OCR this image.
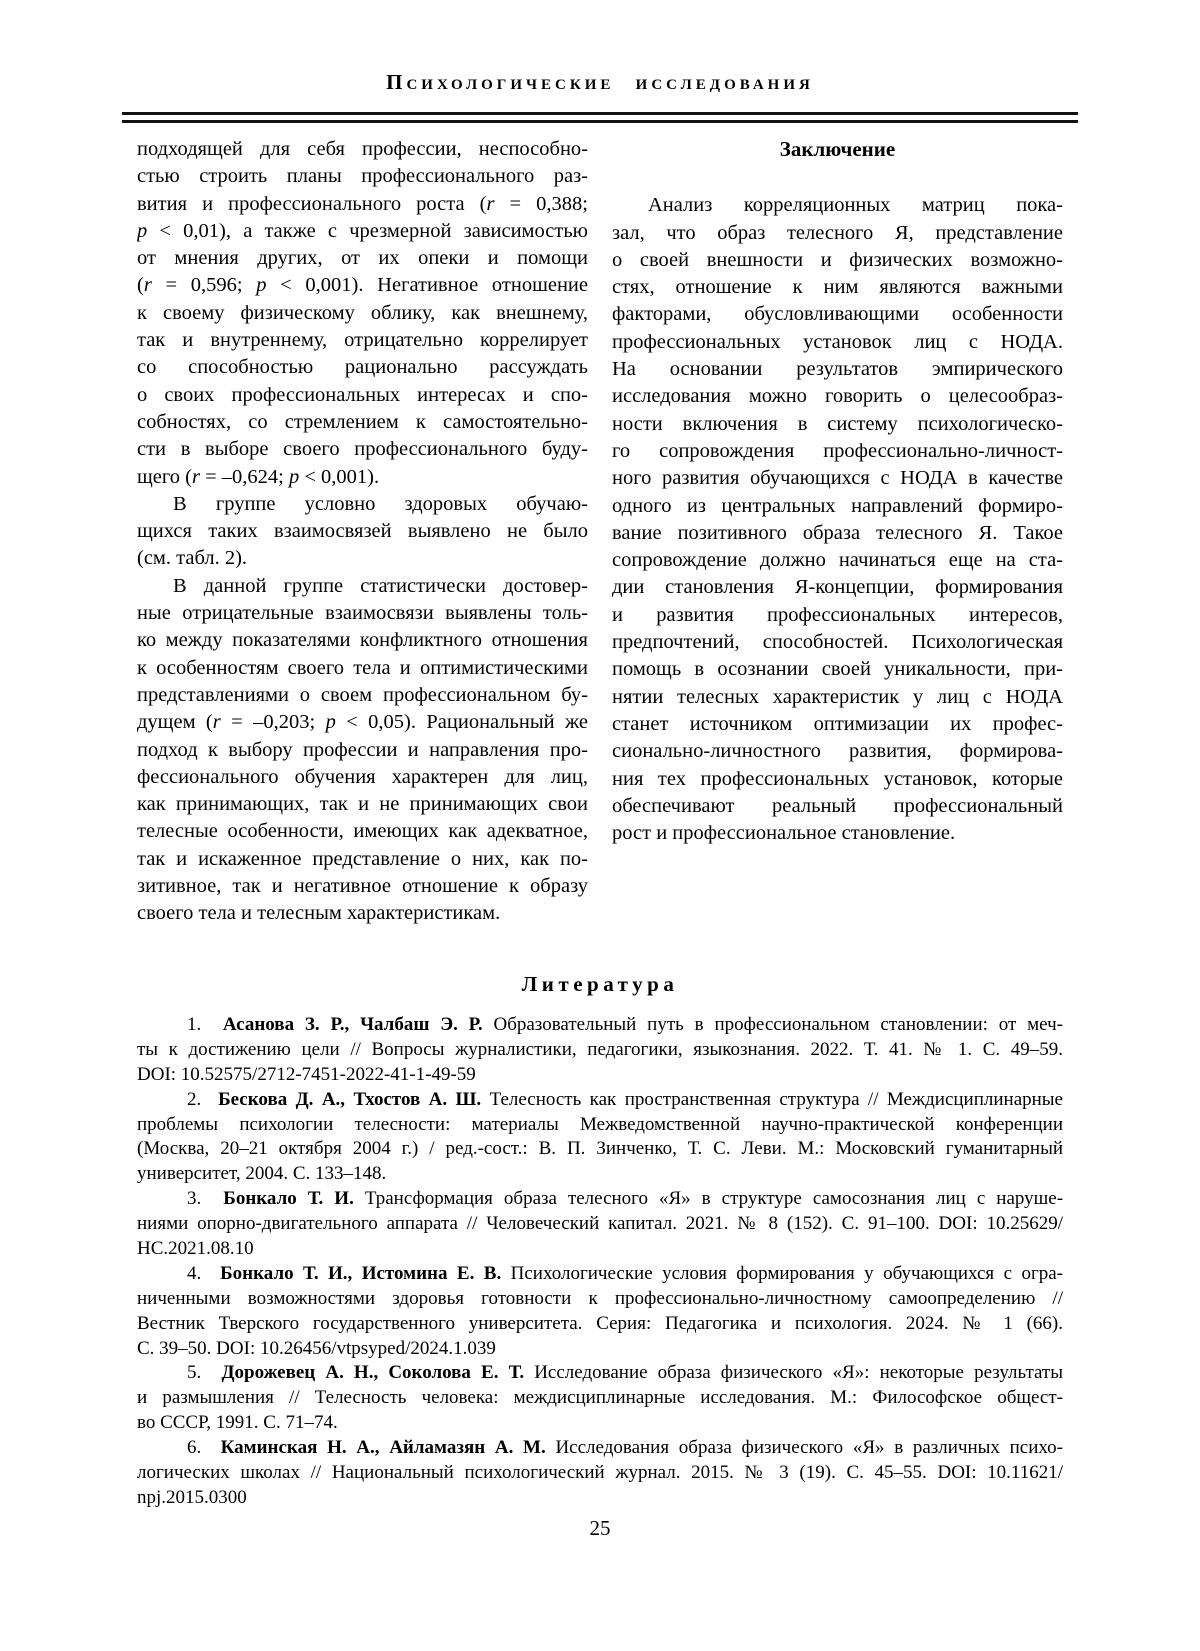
Психологические исследования
подходящей для себя профессии, неспособно-
стью строить планы профессионального раз-
вития и профессионального роста (r = 0,388;
p < 0,01), а также с чрезмерной зависимостью
от мнения других, от их опеки и помощи
(r = 0,596; p < 0,001). Негативное отношение
к своему физическому облику, как внешнему,
так и внутреннему, отрицательно коррелирует
со способностью рационально рассуждать
о своих профессиональных интересах и спо-
собностях, со стремлением к самостоятельно-
сти в выборе своего профессионального буду-
щего (r = –0,624; p < 0,001).
В группе условно здоровых обучаю-
щихся таких взаимосвязей выявлено не было
(см. табл. 2).
В данной группе статистически достовер-
ные отрицательные взаимосвязи выявлены толь-
ко между показателями конфликтного отношения
к особенностям своего тела и оптимистическими
представлениями о своем профессиональном бу-
дущем (r = –0,203; p < 0,05). Рациональный же
подход к выбору профессии и направления про-
фессионального обучения характерен для лиц,
как принимающих, так и не принимающих свои
телесные особенности, имеющих как адекватное,
так и искаженное представление о них, как по-
зитивное, так и негативное отношение к образу
своего тела и телесным характеристикам.
Заключение
Анализ корреляционных матриц пока-
зал, что образ телесного Я, представление
о своей внешности и физических возможно-
стях, отношение к ним являются важными
факторами, обусловливающими особенности
профессиональных установок лиц с НОДА.
На основании результатов эмпирического
исследования можно говорить о целесообраз-
ности включения в систему психологическо-
го сопровождения профессионально-личност-
ного развития обучающихся с НОДА в качестве
одного из центральных направлений формиро-
вание позитивного образа телесного Я. Такое
сопровождение должно начинаться еще на ста-
дии становления Я-концепции, формирования
и развития профессиональных интересов,
предпочтений, способностей. Психологическая
помощь в осознании своей уникальности, при-
нятии телесных характеристик у лиц с НОДА
станет источником оптимизации их профес-
сионально-личностного развития, формирова-
ния тех профессиональных установок, которые
обеспечивают реальный профессиональный
рост и профессиональное становление.
Литература
1.  Асанова З. Р., Чалбаш Э. Р. Образовательный путь в профессиональном становлении: от меч-
ты к достижению цели // Вопросы журналистики, педагогики, языкознания. 2022. Т. 41. № 1. С. 49–59.
DOI: 10.52575/2712-7451-2022-41-1-49-59
2.  Бескова Д. А., Тхостов А. Ш. Телесность как пространственная структура // Междисциплинарные
проблемы психологии телесности: материалы Межведомственной научно-практической конференции
(Москва, 20–21 октября 2004 г.) / ред.-сост.: В. П. Зинченко, Т. С. Леви. М.: Московский гуманитарный
университет, 2004. С. 133–148.
3.  Бонкало Т. И. Трансформация образа телесного «Я» в структуре самосознания лиц с наруше-
ниями опорно-двигательного аппарата // Человеческий капитал. 2021. № 8 (152). С. 91–100. DOI: 10.25629/
HC.2021.08.10
4.  Бонкало Т. И., Истомина Е. В. Психологические условия формирования у обучающихся с огра-
ниченными возможностями здоровья готовности к профессионально-личностному самоопределению //
Вестник Тверского государственного университета. Серия: Педагогика и психология. 2024. № 1 (66).
С. 39–50. DOI: 10.26456/vtpsyped/2024.1.039
5.  Дорожевец А. Н., Соколова Е. Т. Исследование образа физического «Я»: некоторые результаты
и размышления // Телесность человека: междисциплинарные исследования. М.: Философское общест-
во СССР, 1991. С. 71–74.
6.  Каминская Н. А., Айламазян А. М. Исследования образа физического «Я» в различных психо-
логических школах // Национальный психологический журнал. 2015. № 3 (19). С. 45–55. DOI: 10.11621/
npj.2015.0300
25
